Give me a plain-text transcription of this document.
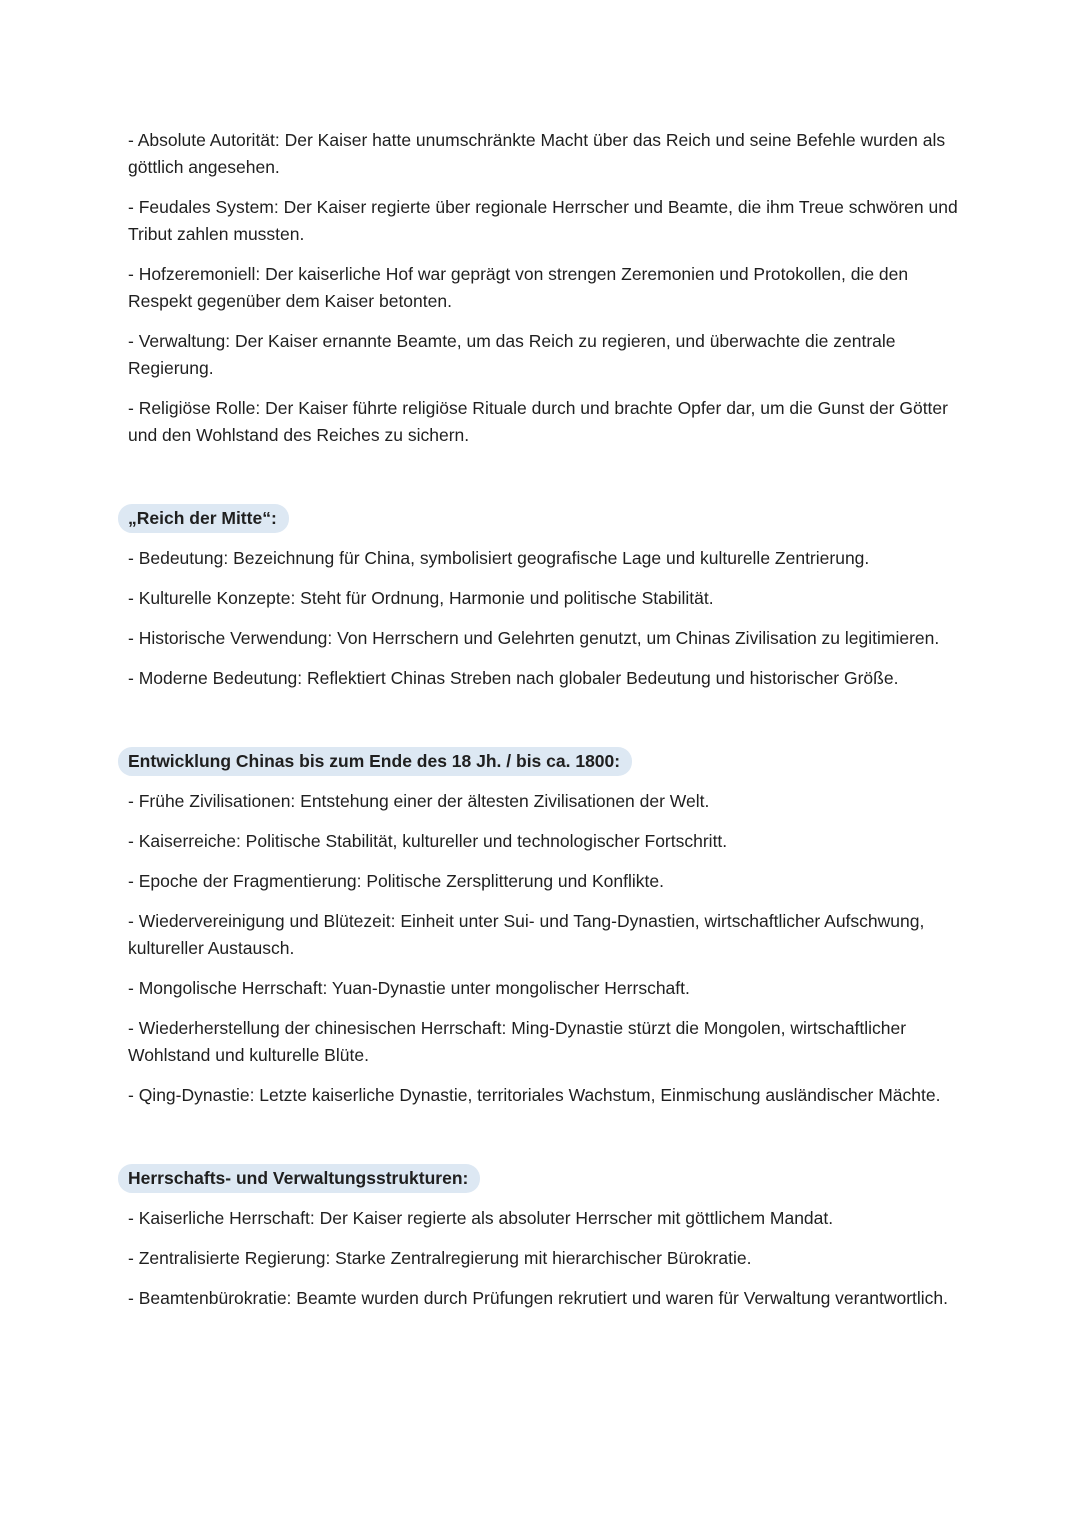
- Absolute Autorität: Der Kaiser hatte unumschränkte Macht über das Reich und seine Befehle wurden als göttlich angesehen.

- Feudales System: Der Kaiser regierte über regionale Herrscher und Beamte, die ihm Treue schwören und Tribut zahlen mussten.

- Hofzeremoniell: Der kaiserliche Hof war geprägt von strengen Zeremonien und Protokollen, die den Respekt gegenüber dem Kaiser betonten.

- Verwaltung: Der Kaiser ernannte Beamte, um das Reich zu regieren, und überwachte die zentrale Regierung.

- Religiöse Rolle: Der Kaiser führte religiöse Rituale durch und brachte Opfer dar, um die Gunst der Götter und den Wohlstand des Reiches zu sichern.

„Reich der Mitte“:

- Bedeutung: Bezeichnung für China, symbolisiert geografische Lage und kulturelle Zentrierung.

- Kulturelle Konzepte: Steht für Ordnung, Harmonie und politische Stabilität.

- Historische Verwendung: Von Herrschern und Gelehrten genutzt, um Chinas Zivilisation zu legitimieren.

- Moderne Bedeutung: Reflektiert Chinas Streben nach globaler Bedeutung und historischer Größe.

Entwicklung Chinas bis zum Ende des 18 Jh. / bis ca. 1800:

- Frühe Zivilisationen: Entstehung einer der ältesten Zivilisationen der Welt.

- Kaiserreiche: Politische Stabilität, kultureller und technologischer Fortschritt.

- Epoche der Fragmentierung: Politische Zersplitterung und Konflikte.

- Wiedervereinigung und Blütezeit: Einheit unter Sui- und Tang-Dynastien, wirtschaftlicher Aufschwung, kultureller Austausch.

- Mongolische Herrschaft: Yuan-Dynastie unter mongolischer Herrschaft.

- Wiederherstellung der chinesischen Herrschaft: Ming-Dynastie stürzt die Mongolen, wirtschaftlicher Wohlstand und kulturelle Blüte.

- Qing-Dynastie: Letzte kaiserliche Dynastie, territoriales Wachstum, Einmischung ausländischer Mächte.

Herrschafts- und Verwaltungsstrukturen:

- Kaiserliche Herrschaft: Der Kaiser regierte als absoluter Herrscher mit göttlichem Mandat.

- Zentralisierte Regierung: Starke Zentralregierung mit hierarchischer Bürokratie.

- Beamtenbürokratie: Beamte wurden durch Prüfungen rekrutiert und waren für Verwaltung verantwortlich.
